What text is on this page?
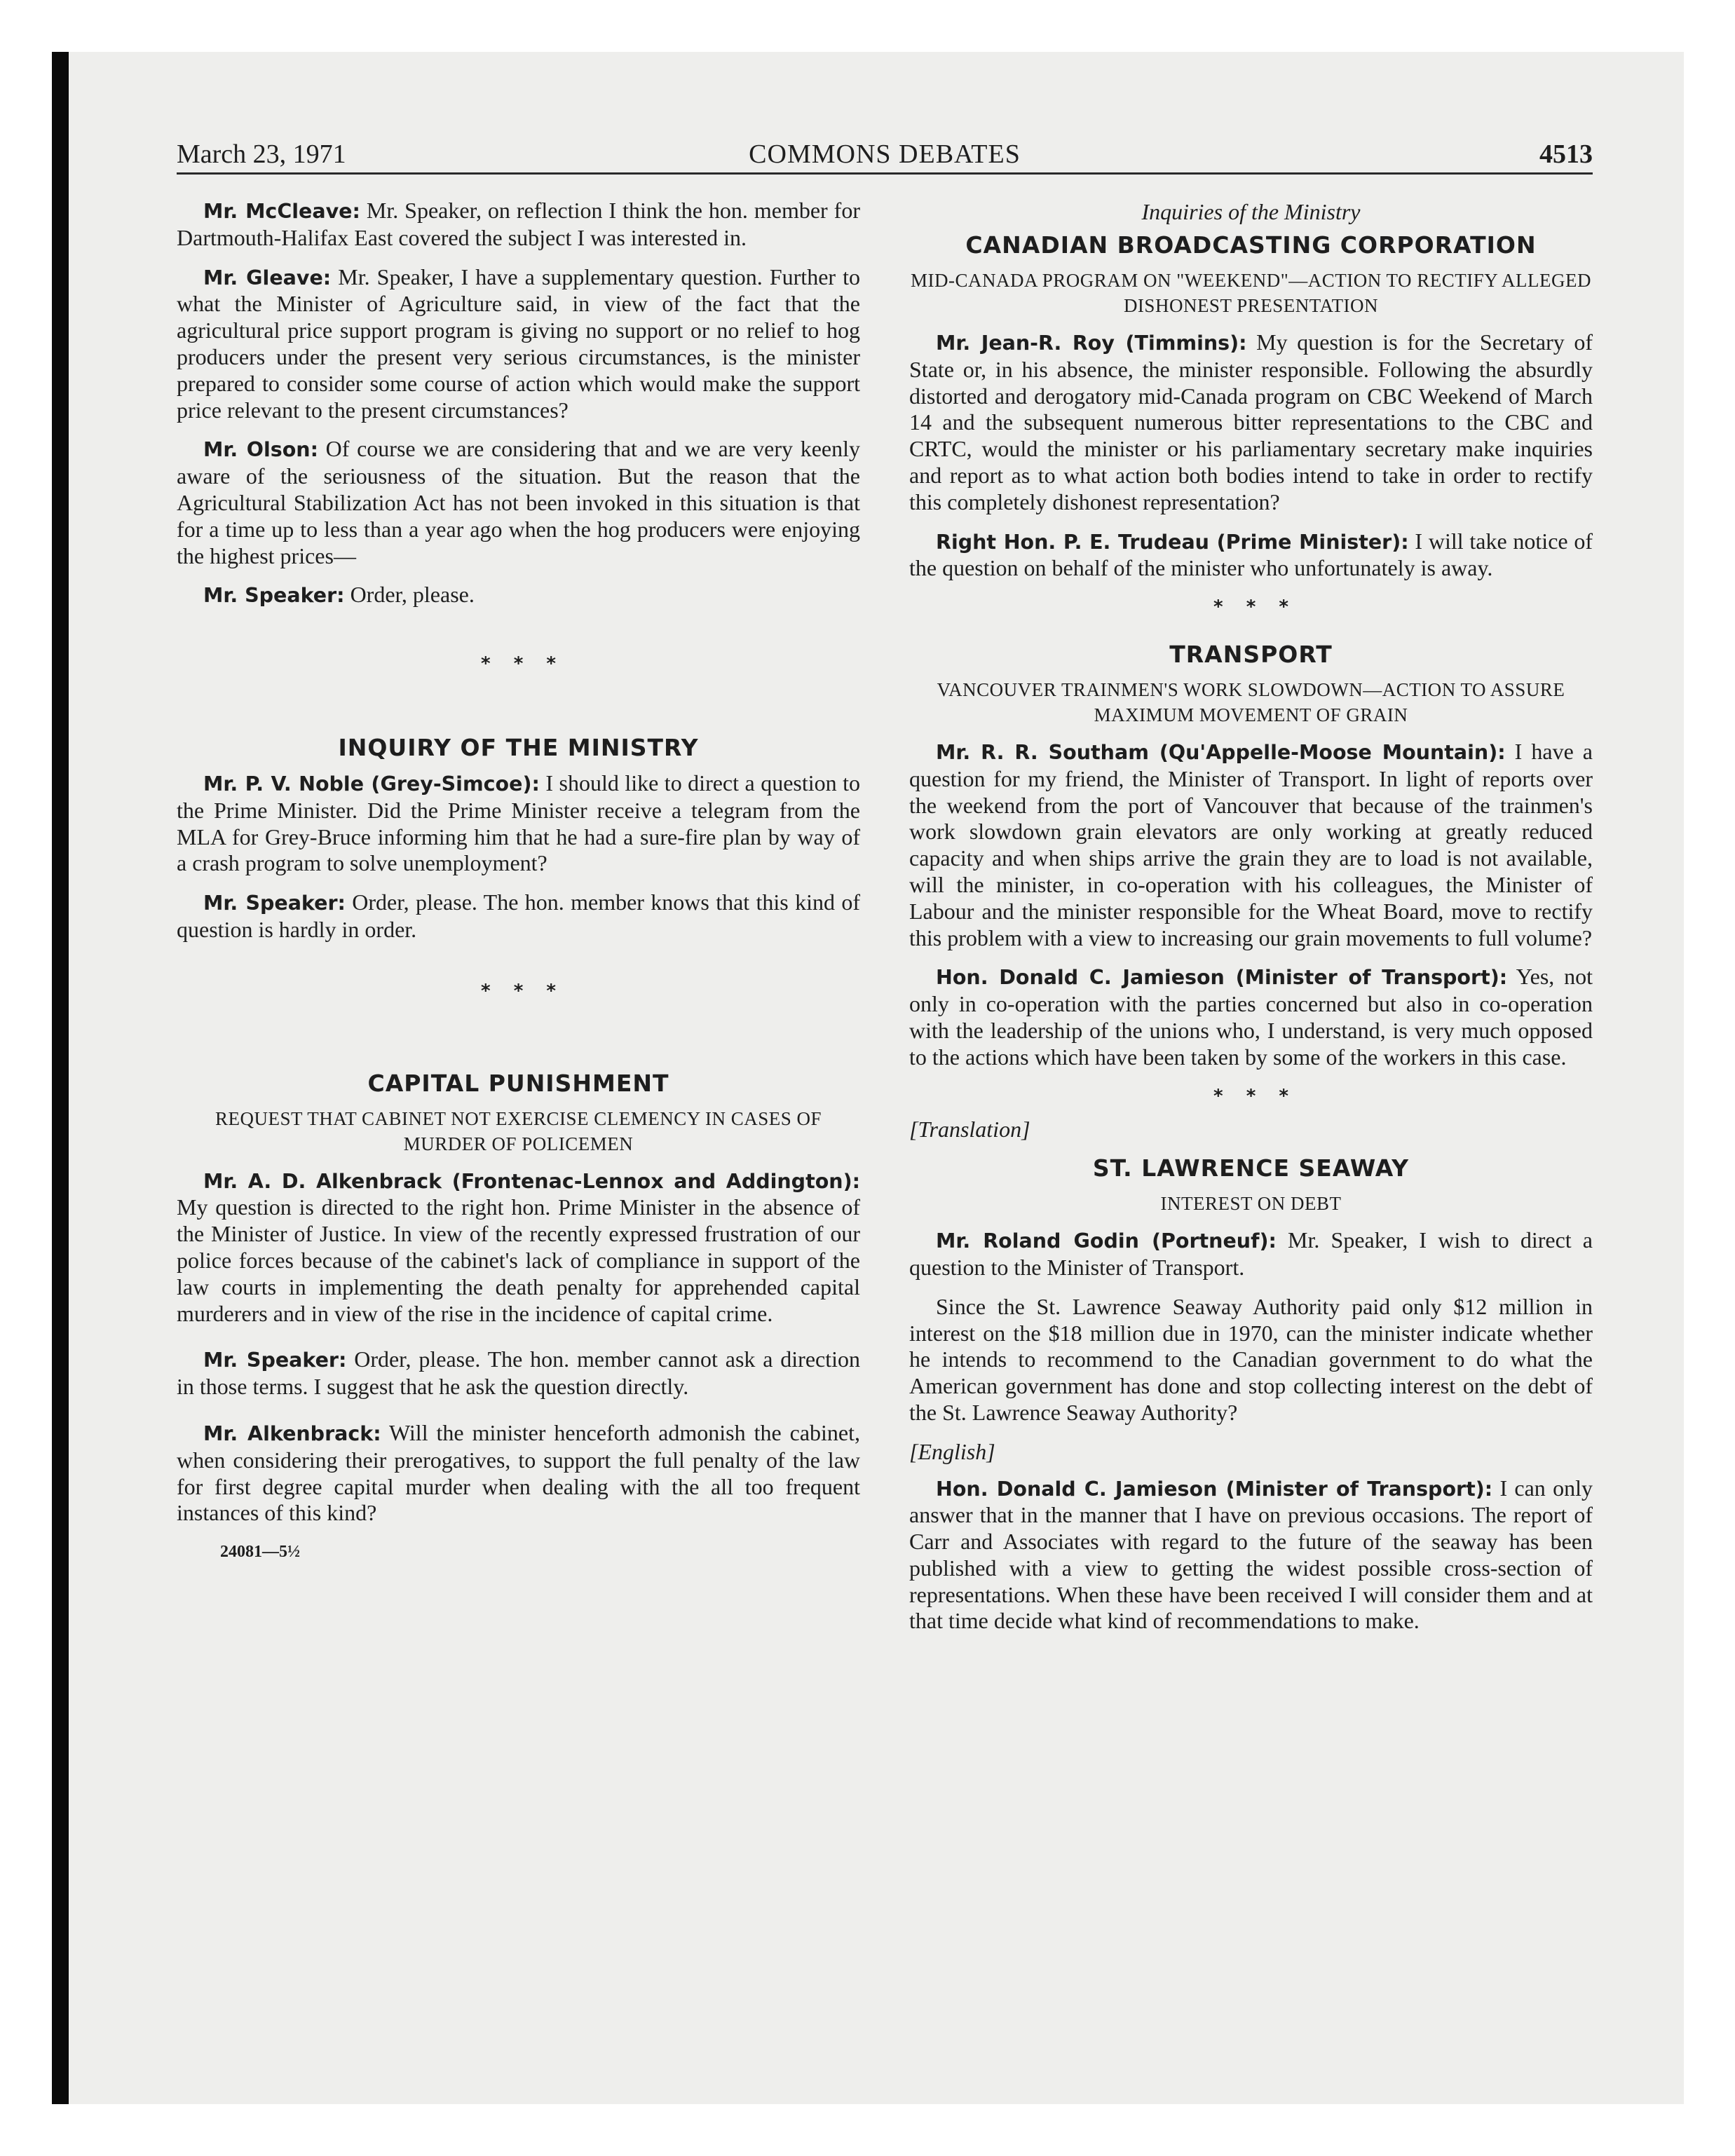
March 23, 1971	COMMONS DEBATES	4513

Mr. McCleave: Mr. Speaker, on reflection I think the hon. member for Dartmouth-Halifax East covered the subject I was interested in.

Mr. Gleave: Mr. Speaker, I have a supplementary question. Further to what the Minister of Agriculture said, in view of the fact that the agricultural price support program is giving no support or no relief to hog producers under the present very serious circumstances, is the minister prepared to consider some course of action which would make the support price relevant to the present circumstances?

Mr. Olson: Of course we are considering that and we are very keenly aware of the seriousness of the situation. But the reason that the Agricultural Stabilization Act has not been invoked in this situation is that for a time up to less than a year ago when the hog producers were enjoying the highest prices—

Mr. Speaker: Order, please.

* * *

INQUIRY OF THE MINISTRY

Mr. P. V. Noble (Grey-Simcoe): I should like to direct a question to the Prime Minister. Did the Prime Minister receive a telegram from the MLA for Grey-Bruce informing him that he had a sure-fire plan by way of a crash program to solve unemployment?

Mr. Speaker: Order, please. The hon. member knows that this kind of question is hardly in order.

* * *

CAPITAL PUNISHMENT

REQUEST THAT CABINET NOT EXERCISE CLEMENCY IN CASES OF MURDER OF POLICEMEN

Mr. A. D. Alkenbrack (Frontenac-Lennox and Addington): My question is directed to the right hon. Prime Minister in the absence of the Minister of Justice. In view of the recently expressed frustration of our police forces because of the cabinet's lack of compliance in support of the law courts in implementing the death penalty for apprehended capital murderers and in view of the rise in the incidence of capital crime.

Mr. Speaker: Order, please. The hon. member cannot ask a direction in those terms. I suggest that he ask the question directly.

Mr. Alkenbrack: Will the minister henceforth admonish the cabinet, when considering their prerogatives, to support the full penalty of the law for first degree capital murder when dealing with the all too frequent instances of this kind?

24081—5½

Inquiries of the Ministry

CANADIAN BROADCASTING CORPORATION

MID-CANADA PROGRAM ON "WEEKEND"—ACTION TO RECTIFY ALLEGED DISHONEST PRESENTATION

Mr. Jean-R. Roy (Timmins): My question is for the Secretary of State or, in his absence, the minister responsible. Following the absurdly distorted and derogatory mid-Canada program on CBC Weekend of March 14 and the subsequent numerous bitter representations to the CBC and CRTC, would the minister or his parliamentary secretary make inquiries and report as to what action both bodies intend to take in order to rectify this completely dishonest representation?

Right Hon. P. E. Trudeau (Prime Minister): I will take notice of the question on behalf of the minister who unfortunately is away.

* * *

TRANSPORT

VANCOUVER TRAINMEN'S WORK SLOWDOWN—ACTION TO ASSURE MAXIMUM MOVEMENT OF GRAIN

Mr. R. R. Southam (Qu'Appelle-Moose Mountain): I have a question for my friend, the Minister of Transport. In light of reports over the weekend from the port of Vancouver that because of the trainmen's work slowdown grain elevators are only working at greatly reduced capacity and when ships arrive the grain they are to load is not available, will the minister, in co-operation with his colleagues, the Minister of Labour and the minister responsible for the Wheat Board, move to rectify this problem with a view to increasing our grain movements to full volume?

Hon. Donald C. Jamieson (Minister of Transport): Yes, not only in co-operation with the parties concerned but also in co-operation with the leadership of the unions who, I understand, is very much opposed to the actions which have been taken by some of the workers in this case.

* * *

[Translation]

ST. LAWRENCE SEAWAY

INTEREST ON DEBT

Mr. Roland Godin (Portneuf): Mr. Speaker, I wish to direct a question to the Minister of Transport.

Since the St. Lawrence Seaway Authority paid only $12 million in interest on the $18 million due in 1970, can the minister indicate whether he intends to recommend to the Canadian government to do what the American government has done and stop collecting interest on the debt of the St. Lawrence Seaway Authority?

[English]

Hon. Donald C. Jamieson (Minister of Transport): I can only answer that in the manner that I have on previous occasions. The report of Carr and Associates with regard to the future of the seaway has been published with a view to getting the widest possible cross-section of representations. When these have been received I will consider them and at that time decide what kind of recommendations to make.
